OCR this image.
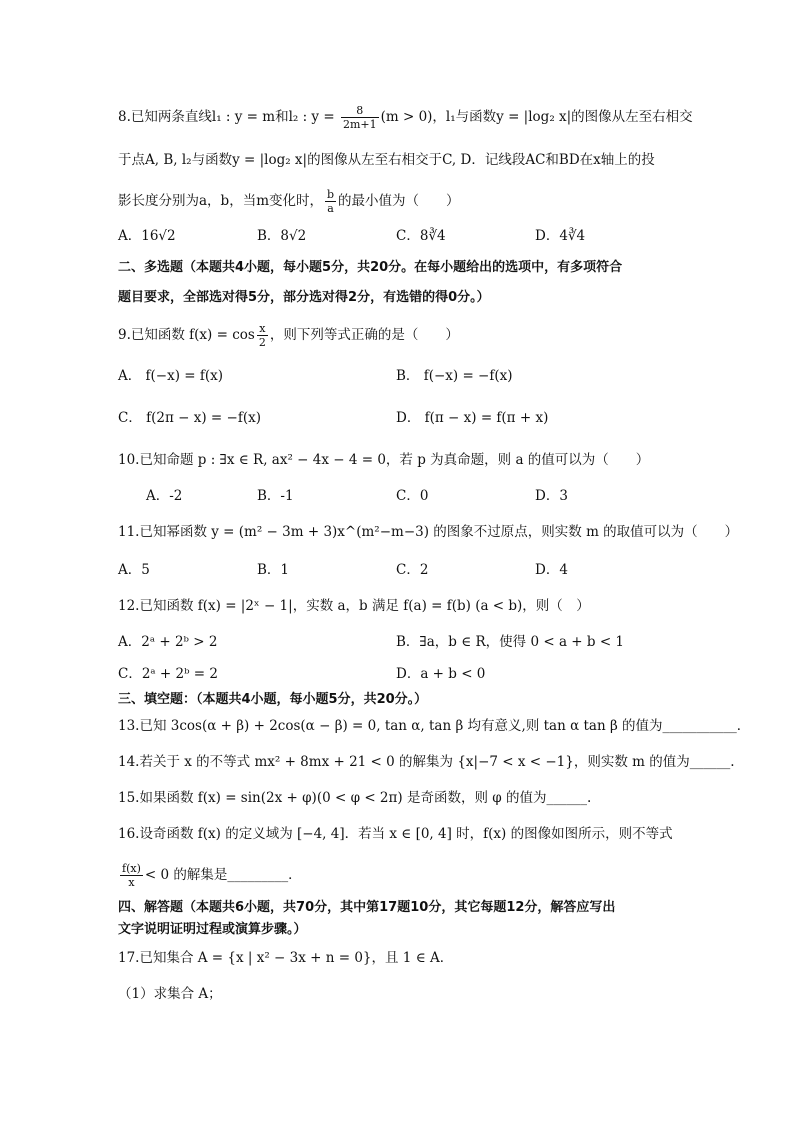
8.已知两条直线l₁ : y = m和l₂ : $y = \frac{8}{2m+1} (m > 0)$，l₁与函数y = |log₂ x|的图像从左至右相交
于点A, B, l₂与函数y = |log₂ x|的图像从左至右相交于C, D．记线段AC和BD在x轴上的投
影长度分别为a，b，当m变化时， $\frac{b}{a}$ 的最小值为（　　）
A．16√2	B．8√2	C．8∛4	D．4∛4
二、多选题（本题共4小题，每小题5分，共20分。在每小题给出的选项中，有多项符合
题目要求，全部选对得5分，部分选对得2分，有选错的得0分。）
9.已知函数 $f(x) = \cos \frac{x}{2}$ ，则下列等式正确的是（　　）
A． f(−x) = f(x)	B． f(−x) = −f(x)
C． f(2π − x) = −f(x)	D． f(π − x) = f(π + x)
10.已知命题 p : ∃x ∈ R, ax² − 4x − 4 = 0，若 p 为真命题，则 a 的值可以为（　　）
A．-2	B．-1	C．0	D．3
11.已知幂函数 y = (m² − 3m + 3)x^(m²−m−3) 的图象不过原点，则实数 m 的取值可以为（　　）
A．5	B．1	C．2	D．4
12.已知函数 f(x) = |2ˣ − 1|，实数 a，b 满足 f(a) = f(b) (a < b)，则（　）
A．2ᵃ + 2ᵇ > 2	B．∃a，b ∈ R，使得 0 < a + b < 1
C．2ᵃ + 2ᵇ = 2	D．a + b < 0
三、填空题：（本题共4小题，每小题5分，共20分。）
13.已知 3cos(α + β) + 2cos(α − β) = 0, tan α, tan β 均有意义,则 tan α tan β 的值为___________．
14.若关于 x 的不等式 mx² + 8mx + 21 < 0 的解集为 {x|−7 < x < −1}，则实数 m 的值为______.
15.如果函数 f(x) = sin(2x + φ)(0 < φ < 2π) 是奇函数，则 φ 的值为______.
16.设奇函数 f(x) 的定义域为 [−4, 4]．若当 x ∈ [0, 4] 时，f(x) 的图像如图所示，则不等式
$\frac{f(x)}{x} < 0$ 的解集是_________．
四、解答题（本题共6小题，共70分，其中第17题10分，其它每题12分，解答应写出
文字说明证明过程或演算步骤。）
17.已知集合 A = {x | x² − 3x + n = 0}，且 1 ∈ A．
（1）求集合 A；
